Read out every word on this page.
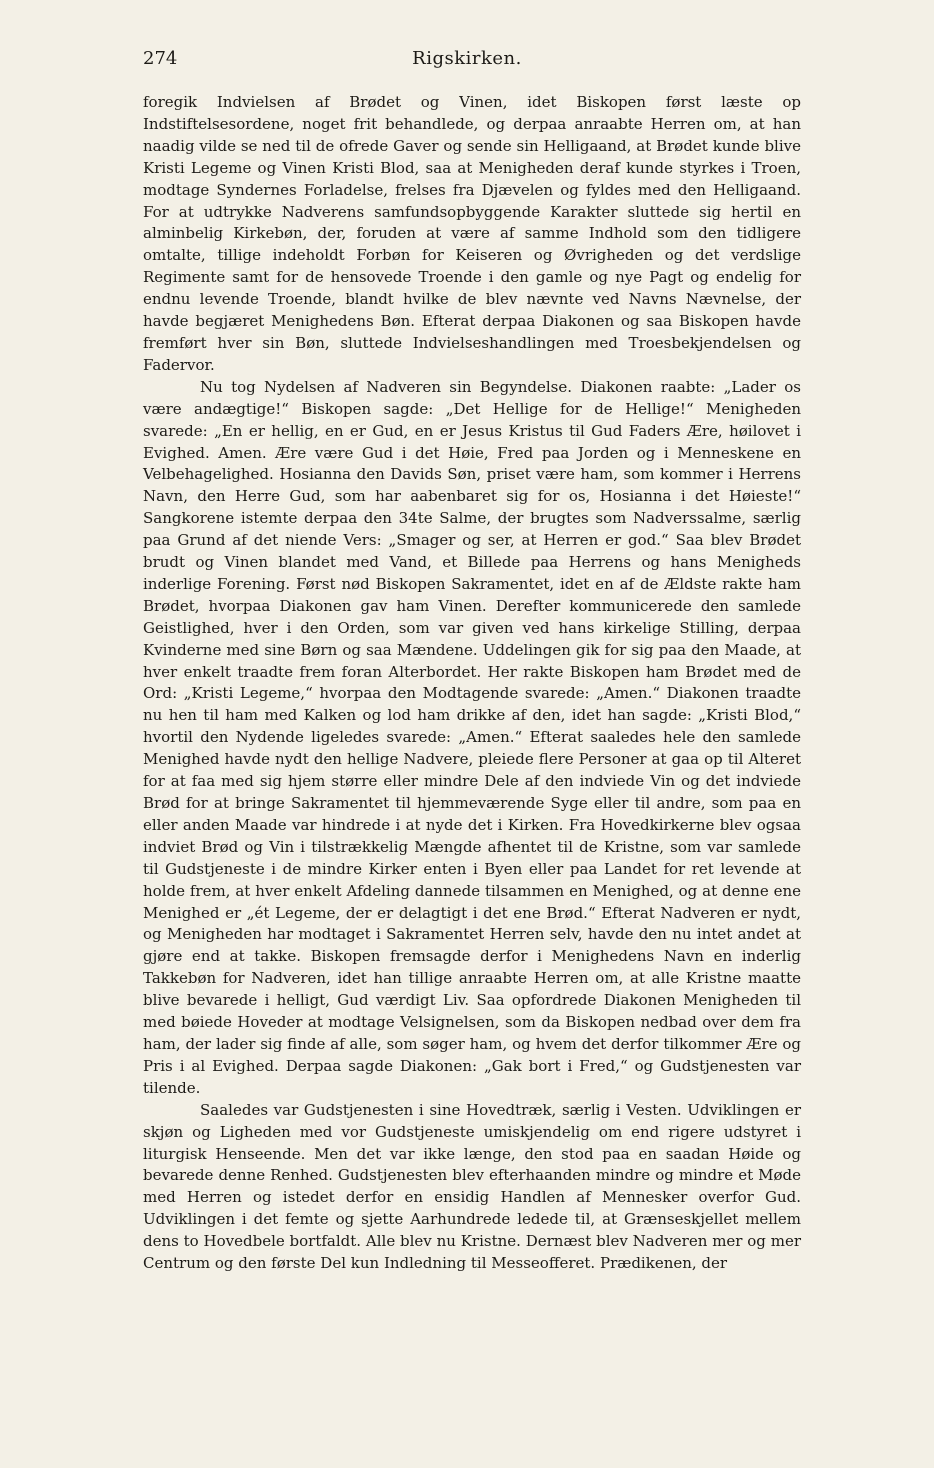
274	Rigskirken.

foregik Indvielsen af Brødet og Vinen, idet Biskopen først læste op Indstiftelsesordene, noget frit behandlede, og derpaa anraabte Herren om, at han naadig vilde se ned til de ofrede Gaver og sende sin Helligaand, at Brødet kunde blive Kristi Legeme og Vinen Kristi Blod, saa at Menigheden deraf kunde styrkes i Troen, modtage Syndernes Forladelse, frelses fra Djævelen og fyldes med den Helligaand. For at udtrykke Nadverens samfundsopbyggende Karakter sluttede sig hertil en alminbelig Kirkebøn, der, foruden at være af samme Indhold som den tidligere omtalte, tillige indeholdt Forbøn for Keiseren og Øvrigheden og det verdslige Regimente samt for de hensovede Troende i den gamle og nye Pagt og endelig for endnu levende Troende, blandt hvilke de blev nævnte ved Navns Nævnelse, der havde begjæret Menighedens Bøn. Efterat derpaa Diakonen og saa Biskopen havde fremført hver sin Bøn, sluttede Indvielseshandlingen med Troesbekjendelsen og Fadervor.

Nu tog Nydelsen af Nadveren sin Begyndelse. Diakonen raabte: „Lader os være andægtige!“ Biskopen sagde: „Det Hellige for de Hellige!“ Menigheden svarede: „En er hellig, en er Gud, en er Jesus Kristus til Gud Faders Ære, høilovet i Evighed. Amen. Ære være Gud i det Høie, Fred paa Jorden og i Menneskene en Velbehagelighed. Hosianna den Davids Søn, priset være ham, som kommer i Herrens Navn, den Herre Gud, som har aabenbaret sig for os, Hosianna i det Høieste!“ Sangkorene istemte derpaa den 34te Salme, der brugtes som Nadverssalme, særlig paa Grund af det niende Vers: „Smager og ser, at Herren er god.“ Saa blev Brødet brudt og Vinen blandet med Vand, et Billede paa Herrens og hans Menigheds inderlige Forening. Først nød Biskopen Sakramentet, idet en af de Ældste rakte ham Brødet, hvorpaa Diakonen gav ham Vinen. Derefter kommunicerede den samlede Geistlighed, hver i den Orden, som var given ved hans kirkelige Stilling, derpaa Kvinderne med sine Børn og saa Mændene. Uddelingen gik for sig paa den Maade, at hver enkelt traadte frem foran Alterbordet. Her rakte Biskopen ham Brødet med de Ord: „Kristi Legeme,“ hvorpaa den Modtagende svarede: „Amen.“ Diakonen traadte nu hen til ham med Kalken og lod ham drikke af den, idet han sagde: „Kristi Blod,“ hvortil den Nydende ligeledes svarede: „Amen.“ Efterat saaledes hele den samlede Menighed havde nydt den hellige Nadvere, pleiede flere Personer at gaa op til Alteret for at faa med sig hjem større eller mindre Dele af den indviede Vin og det indviede Brød for at bringe Sakramentet til hjemmeværende Syge eller til andre, som paa en eller anden Maade var hindrede i at nyde det i Kirken. Fra Hovedkirkerne blev ogsaa indviet Brød og Vin i tilstrækkelig Mængde afhentet til de Kristne, som var samlede til Gudstjeneste i de mindre Kirker enten i Byen eller paa Landet for ret levende at holde frem, at hver enkelt Afdeling dannede tilsammen en Menighed, og at denne ene Menighed er „ét Legeme, der er delagtigt i det ene Brød.“ Efterat Nadveren er nydt, og Menigheden har modtaget i Sakramentet Herren selv, havde den nu intet andet at gjøre end at takke. Biskopen fremsagde derfor i Menighedens Navn en inderlig Takkebøn for Nadveren, idet han tillige anraabte Herren om, at alle Kristne maatte blive bevarede i helligt, Gud værdigt Liv. Saa opfordrede Diakonen Menigheden til med bøiede Hoveder at modtage Velsignelsen, som da Biskopen nedbad over dem fra ham, der lader sig finde af alle, som søger ham, og hvem det derfor tilkommer Ære og Pris i al Evighed. Derpaa sagde Diakonen: „Gak bort i Fred,“ og Gudstjenesten var tilende.

Saaledes var Gudstjenesten i sine Hovedtræk, særlig i Vesten. Udviklingen er skjøn og Ligheden med vor Gudstjeneste umiskjendelig om end rigere udstyret i liturgisk Henseende. Men det var ikke længe, den stod paa en saadan Høide og bevarede denne Renhed. Gudstjenesten blev efterhaanden mindre og mindre et Møde med Herren og istedet derfor en ensidig Handlen af Mennesker overfor Gud. Udviklingen i det femte og sjette Aarhundrede ledede til, at Grænseskjellet mellem dens to Hovedbele bortfaldt. Alle blev nu Kristne. Dernæst blev Nadveren mer og mer Centrum og den første Del kun Indledning til Messeofferet. Prædikenen, der
